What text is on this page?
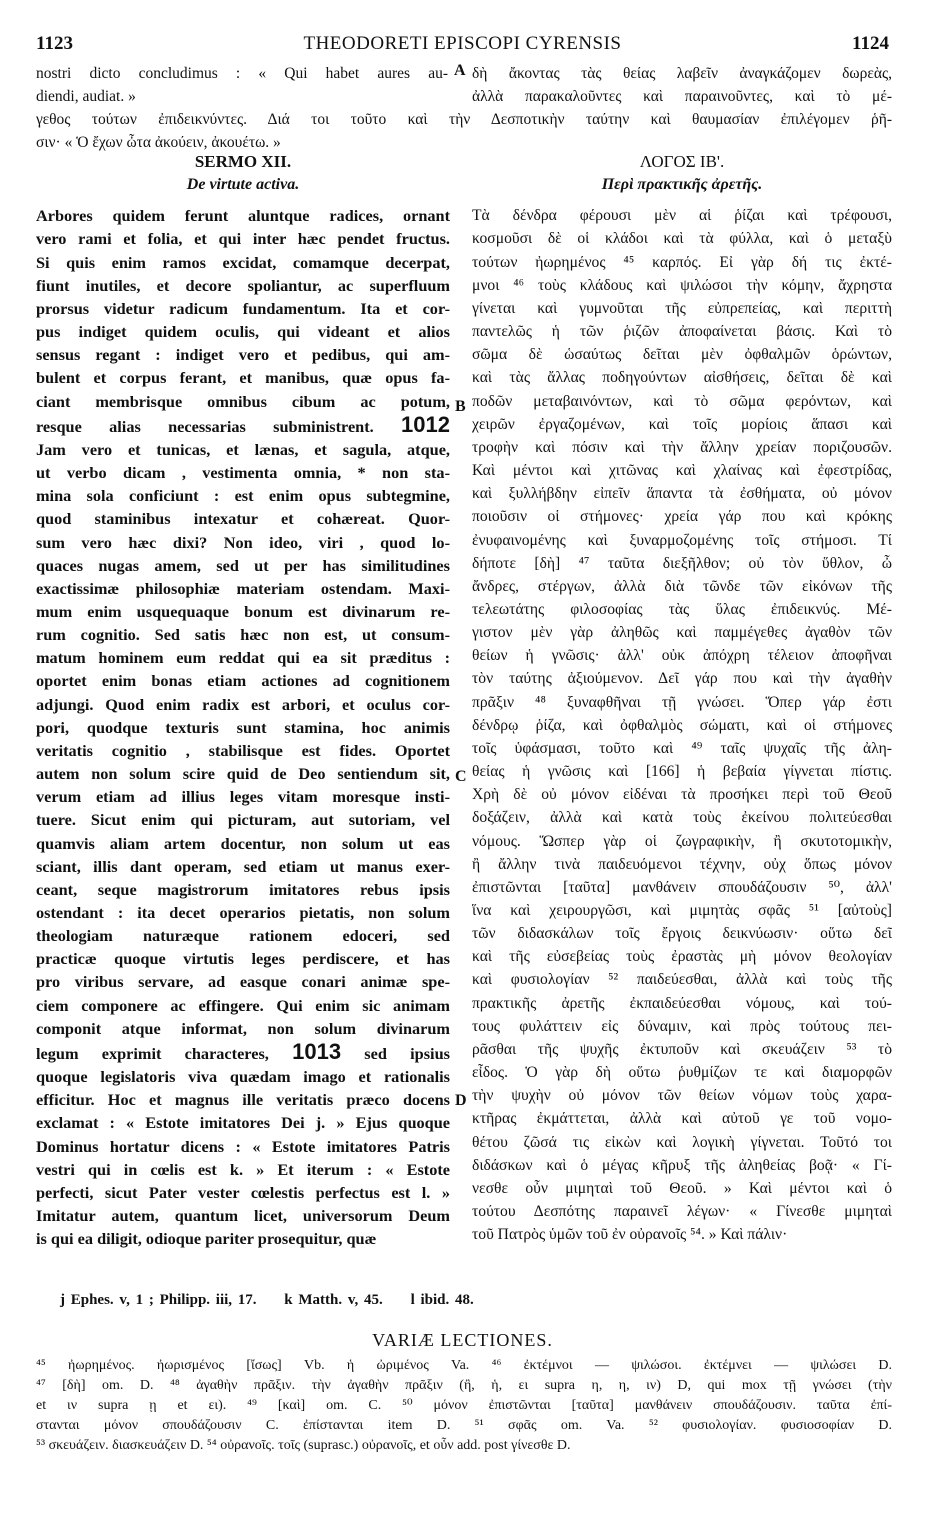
1123	THEODORETI EPISCOPI CYRENSIS	1124
nostri dicto concludimus : « Qui habet aures au-
diendi, audiat. »
A δὴ ἄκοντας τὰς θείας λαβεῖν ἀναγκάζομεν δωρεὰς,
ἀλλὰ παρακαλοῦντες καὶ παραινοῦντες, καὶ τὸ μέ-
γεθος τούτων ἐπιδεικνύντες. Διά τοι τοῦτο καὶ τὴν Δεσποτικὴν ταύτην καὶ θαυμασίαν ἐπιλέγομεν ῥῆ-
σιν· « Ὁ ἔχων ὦτα ἀκούειν, ἀκουέτω. »
SERMO XII.
De virtute activa.
Arbores quidem ferunt aluntque radices, ornant
vero rami et folia, et qui inter hæc pendet fructus.
Si quis enim ramos excidat, comamque decerpat,
fiunt inutiles, et decore spoliantur, ac superfluum
prorsus videtur radicum fundamentum. Ita et cor-
pus indiget quidem oculis, qui videant et alios
sensus regant : indiget vero et pedibus, qui am-
bulent et corpus ferant, et manibus, quæ opus fa-
ciant membrisque omnibus cibum ac potum,
resque alias necessarias subministrent. 1012
Jam vero et tunicas, et lænas, et sagula, atque,
ut verbo dicam , vestimenta omnia, * non sta-
mina sola conficiunt : est enim opus subtegmine,
quod staminibus intexatur et cohæreat. Quor-
sum vero hæc dixi? Non ideo, viri , quod lo-
quaces nugas amem, sed ut per has similitudines
exactissimæ philosophiæ materiam ostendam. Maxi-
mum enim usquequaque bonum est divinarum re-
rum cognitio. Sed satis hæc non est, ut consum-
matum hominem eum reddat qui ea sit præditus :
oportet enim bonas etiam actiones ad cognitionem
adjungi. Quod enim radix est arbori, et oculus cor-
pori, quodque texturis sunt stamina, hoc animis
veritatis cognitio , stabilisque est fides. Oportet
autem non solum scire quid de Deo sentiendum sit,
verum etiam ad illius leges vitam moresque insti-
tuere. Sicut enim qui picturam, aut sutoriam, vel
quamvis aliam artem docentur, non solum ut eas
sciant, illis dant operam, sed etiam ut manus exer-
ceant, seque magistrorum imitatores rebus ipsis
ostendant : ita decet operarios pietatis, non solum
theologiam naturæque rationem edoceri, sed
practicæ quoque virtutis leges perdiscere, et has
pro viribus servare, ad easque conari animæ spe-
ciem componere ac effingere. Qui enim sic animam
componit atque informat, non solum divinarum
legum exprimit characteres, 1013 sed ipsius
quoque legislatoris viva quædam imago et rationalis
efficitur. Hoc et magnus ille veritatis præco docens
exclamat : « Estote imitatores Dei j. » Ejus quoque
Dominus hortatur dicens : « Estote imitatores Patris
vestri qui in cœlis est k. » Et iterum : « Estote
perfecti, sicut Pater vester cœlestis perfectus est l. »
Imitatur autem, quantum licet, universorum Deum
is qui ea diligit, odioque pariter prosequitur, quæ
ΛΟΓΟΣ ΙΒ'.
Περὶ πρακτικῆς ἀρετῆς.
Τὰ δένδρα φέρουσι μὲν αἱ ῥίζαι καὶ τρέφουσι,
κοσμοῦσι δὲ οἱ κλάδοι καὶ τὰ φύλλα, καὶ ὁ μεταξὺ
τούτων ἠωρημένος ⁴⁵ καρπός. Εἰ γὰρ δή τις ἐκτέ-
μνοι ⁴⁶ τοὺς κλάδους καὶ ψιλώσοι τὴν κόμην, ἄχρηστα
γίνεται καὶ γυμνοῦται τῆς εὐπρεπείας, καὶ περιττὴ
παντελῶς ἡ τῶν ῥιζῶν ἀποφαίνεται βάσις. Καὶ τὸ
σῶμα δὲ ὡσαύτως δεῖται μὲν ὀφθαλμῶν ὁρώντων,
καὶ τὰς ἄλλας ποδηγούντων αἰσθήσεις, δεῖται δὲ καὶ
ποδῶν μεταβαινόντων, καὶ τὸ σῶμα φερόντων, καὶ
χειρῶν ἐργαζομένων, καὶ τοῖς μορίοις ἅπασι καὶ
τροφὴν καὶ πόσιν καὶ τὴν ἄλλην χρείαν ποριζουσῶν.
Καὶ μέντοι καὶ χιτῶνας καὶ χλαίνας καὶ ἐφεστρίδας,
καὶ ξυλλήβδην εἰπεῖν ἅπαντα τὰ ἐσθήματα, οὐ μόνον
ποιοῦσιν οἱ στήμονες· χρεία γάρ που καὶ κρόκης
ἐνυφαινομένης καὶ ξυναρμοζομένης τοῖς στήμοσι. Τί
δήποτε [δὴ] ⁴⁷ ταῦτα διεξῆλθον; οὐ τὸν ὕθλον, ὦ
ἄνδρες, στέργων, ἀλλὰ διὰ τῶνδε τῶν εἰκόνων τῆς
τελεωτάτης φιλοσοφίας τὰς ὕλας ἐπιδεικνύς. Μέ-
γιστον μὲν γὰρ ἀληθῶς καὶ παμμέγεθες ἀγαθὸν τῶν
θείων ἡ γνῶσις· ἀλλ' οὐκ ἀπόχρη τέλειον ἀποφῆναι
τὸν ταύτης ἀξιούμενον. Δεῖ γάρ που καὶ τὴν ἀγαθὴν
πρᾶξιν ⁴⁸ ξυναφθῆναι τῇ γνώσει. Ὅπερ γάρ ἐστι
δένδρῳ ῥίζα, καὶ ὀφθαλμὸς σώματι, καὶ οἱ στήμονες
τοῖς ὑφάσμασι, τοῦτο καὶ ⁴⁹ ταῖς ψυχαῖς τῆς ἀλη-
θείας ἡ γνῶσις καὶ [166] ἡ βεβαία γίγνεται πίστις.
Χρὴ δὲ οὐ μόνον εἰδέναι τὰ προσήκει περὶ τοῦ Θεοῦ
δοξάζειν, ἀλλὰ καὶ κατὰ τοὺς ἐκείνου πολιτεύεσθαι
νόμους. Ὥσπερ γὰρ οἱ ζωγραφικὴν, ἢ σκυτοτομικὴν,
ἢ ἄλλην τινὰ παιδευόμενοι τέχνην, οὐχ ὅπως μόνον
ἐπιστῶνται [ταῦτα] μανθάνειν σπουδάζουσιν ⁵⁰, ἀλλ'
ἵνα καὶ χειρουργῶσι, καὶ μιμητὰς σφᾶς ⁵¹ [αὐτοὺς]
τῶν διδασκάλων τοῖς ἔργοις δεικνύωσιν· οὕτω δεῖ
καὶ τῆς εὐσεβείας τοὺς ἐραστὰς μὴ μόνον θεολογίαν
καὶ φυσιολογίαν ⁵² παιδεύεσθαι, ἀλλὰ καὶ τοὺς τῆς
πρακτικῆς ἀρετῆς ἐκπαιδεύεσθαι νόμους, καὶ τού-
τους φυλάττειν εἰς δύναμιν, καὶ πρὸς τούτους πει-
ρᾶσθαι τῆς ψυχῆς ἐκτυποῦν καὶ σκευάζειν ⁵³ τὸ
εἶδος. Ὁ γὰρ δὴ οὕτω ῥυθμίζων τε καὶ διαμορφῶν
τὴν ψυχὴν οὐ μόνον τῶν θείων νόμων τοὺς χαρα-
κτῆρας ἐκμάττεται, ἀλλὰ καὶ αὐτοῦ γε τοῦ νομο-
θέτου ζῶσά τις εἰκὼν καὶ λογικὴ γίγνεται. Τοῦτό τοι
διδάσκων καὶ ὁ μέγας κῆρυξ τῆς ἀληθείας βοᾷ· « Γί-
νεσθε οὖν μιμηταὶ τοῦ Θεοῦ. » Καὶ μέντοι καὶ ὁ
τούτου Δεσπότης παραινεῖ λέγων· « Γίνεσθε μιμηταὶ
τοῦ Πατρὸς ὑμῶν τοῦ ἐν οὐρανοῖς ⁵⁴. » Καὶ πάλιν·
B
C
D
j Ephes. v, 1 ; Philipp. iii, 17. k Matth. v, 45. l ibid. 48.
VARIÆ LECTIONES.
⁴⁵ ἠωρημένος. ἠωρισμένος [ἴσως] Vb. ἡ ὠριμένος Va. ⁴⁶ ἐκτέμνοι — ψιλώσοι. ἐκτέμνει — ψιλώσει D.
⁴⁷ [δὴ] om. D. ⁴⁸ ἀγαθὴν πρᾶξιν. τὴν ἀγαθὴν πρᾶξιν (ἢ, ἡ, ει supra η, η, ιν) D, qui mox τῇ γνώσει (τὴν
et ιν supra ῃ et ει). ⁴⁹ [καὶ] om. C. ⁵⁰ μόνον ἐπιστῶνται [ταῦτα] μανθάνειν σπουδάζουσιν. ταῦτα ἐπί-
στανται μόνον σπουδάζουσιν C. ἐπίστανται item D. ⁵¹ σφᾶς om. Va. ⁵² φυσιολογίαν. φυσιοσοφίαν D.
⁵³ σκευάζειν. διασκευάζειν D. ⁵⁴ οὐρανοῖς. τοῖς (suprasc.) οὐρανοῖς, et οὖν add. post γίνεσθε D.
